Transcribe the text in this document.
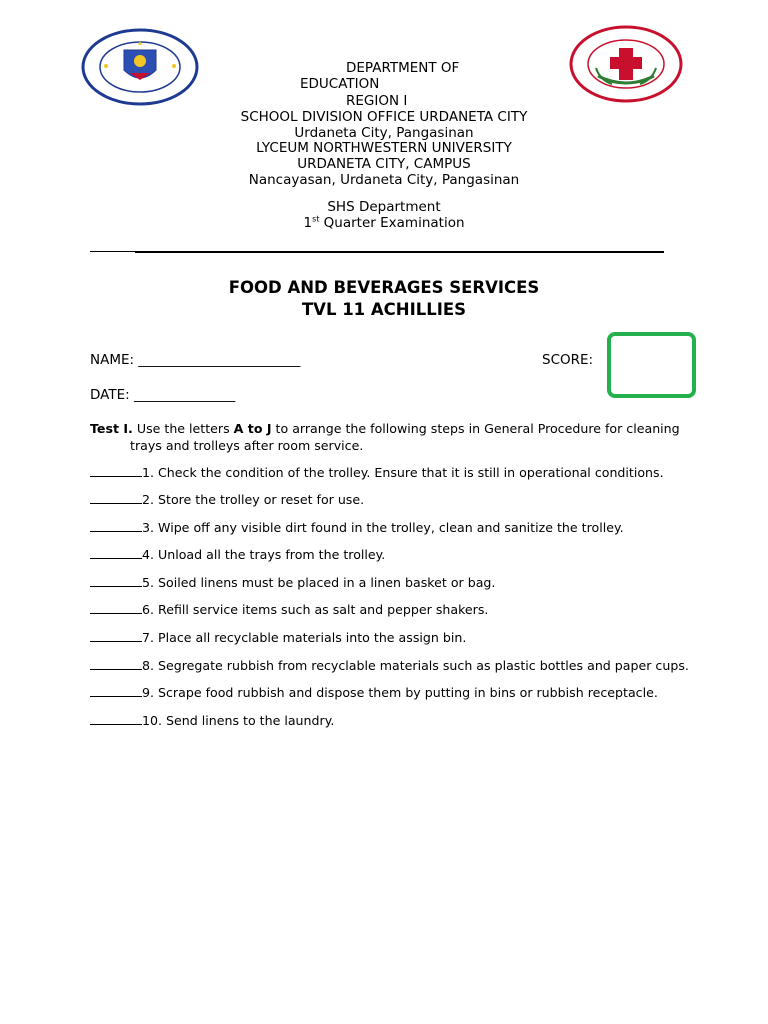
DEPARTMENT OF
EDUCATION
REGION I
SCHOOL DIVISION OFFICE URDANETA CITY
Urdaneta City, Pangasinan
LYCEUM NORTHWESTERN UNIVERSITY
URDANETA CITY, CAMPUS
Nancayasan, Urdaneta City, Pangasinan
SHS Department
1st Quarter Examination
FOOD AND BEVERAGES SERVICES
TVL 11 ACHILLIES
NAME: ________________________	SCORE:
DATE: _______________
Test I. Use the letters A to J to arrange the following steps in General Procedure for cleaning
trays and trolleys after room service.
1. Check the condition of the trolley. Ensure that it is still in operational conditions.
2. Store the trolley or reset for use.
3. Wipe off any visible dirt found in the trolley, clean and sanitize the trolley.
4. Unload all the trays from the trolley.
5. Soiled linens must be placed in a linen basket or bag.
6. Refill service items such as salt and pepper shakers.
7. Place all recyclable materials into the assign bin.
8. Segregate rubbish from recyclable materials such as plastic bottles and paper cups.
9. Scrape food rubbish and dispose them by putting in bins or rubbish receptacle.
10. Send linens to the laundry.
